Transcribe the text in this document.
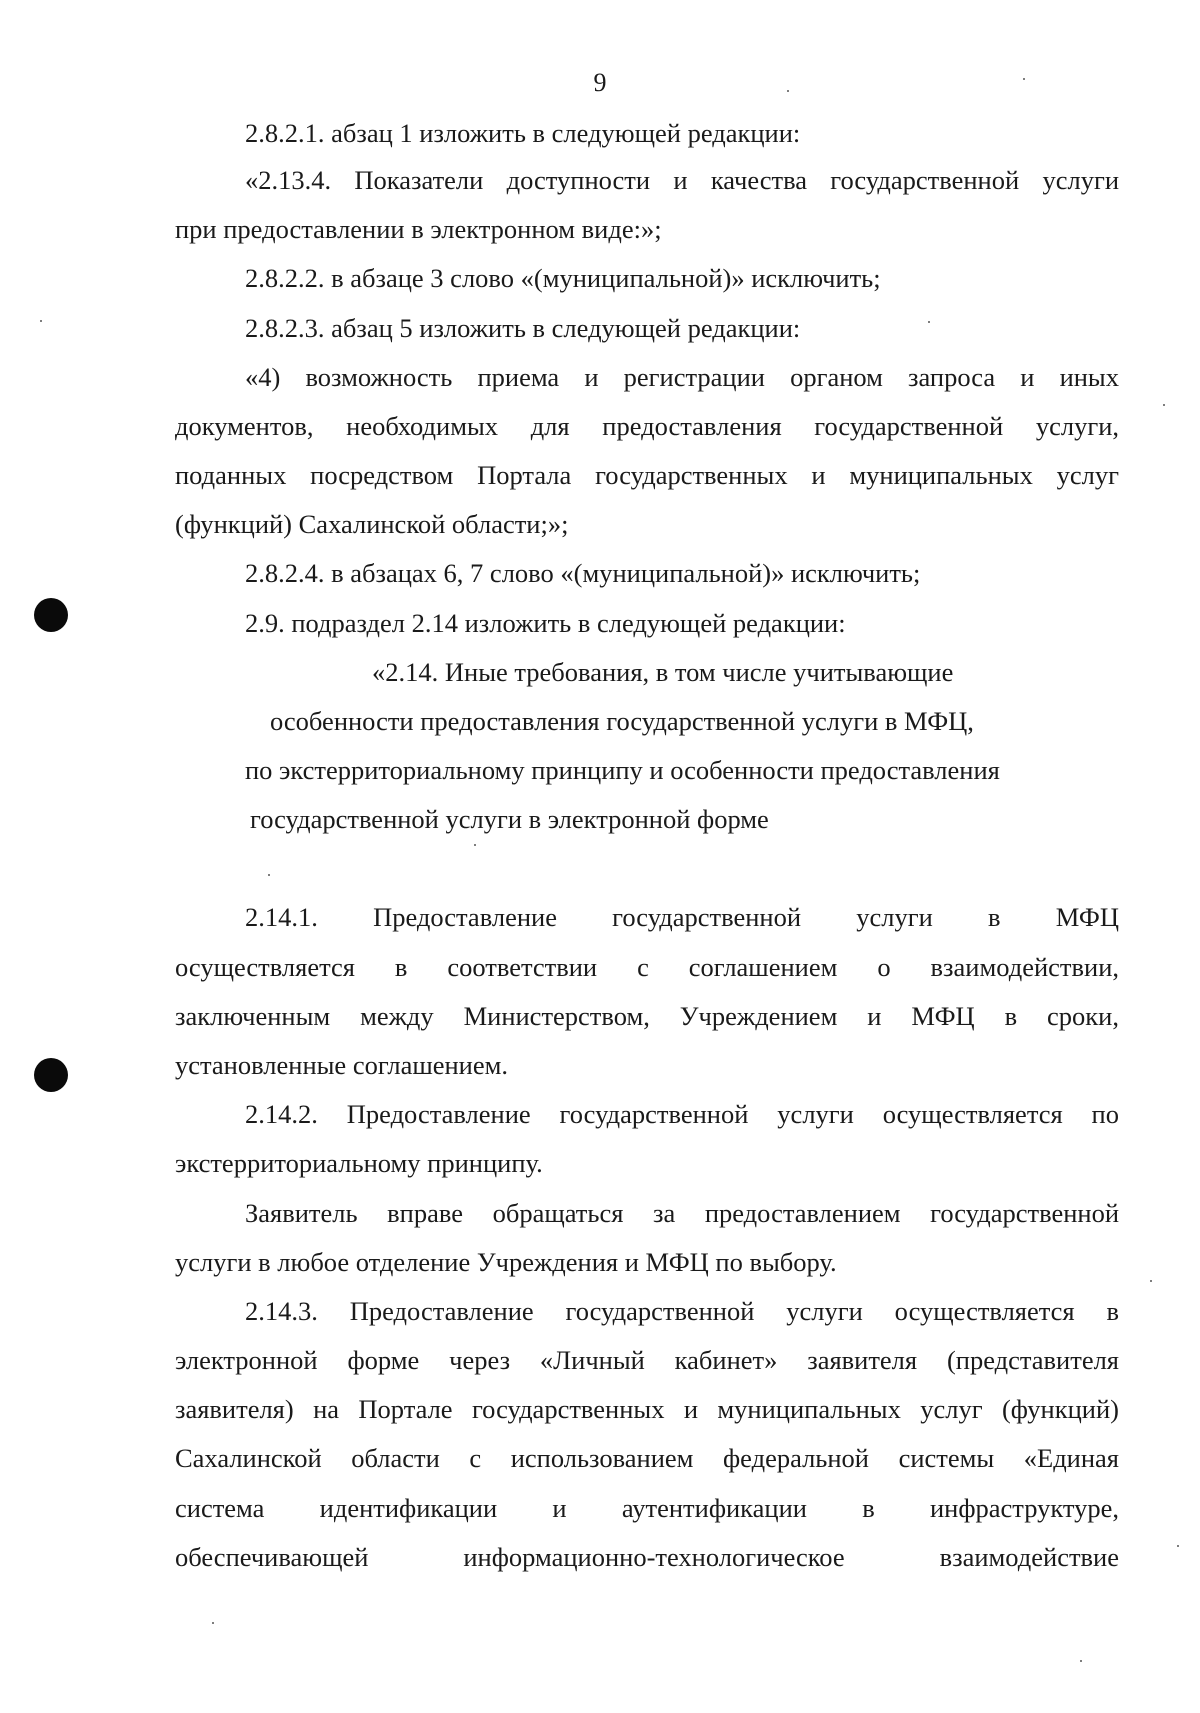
9
2.8.2.1. абзац 1 изложить в следующей редакции:
«2.13.4. Показатели доступности и качества государственной услуги
при предоставлении в электронном виде:»;
2.8.2.2. в абзаце 3 слово «(муниципальной)» исключить;
2.8.2.3. абзац 5 изложить в следующей редакции:
«4) возможность приема и регистрации органом запроса и иных
документов, необходимых для предоставления государственной услуги,
поданных посредством Портала государственных и муниципальных услуг
(функций) Сахалинской области;»;
2.8.2.4. в абзацах 6, 7 слово «(муниципальной)» исключить;
2.9. подраздел 2.14 изложить в следующей редакции:
«2.14. Иные требования, в том числе учитывающие
особенности предоставления государственной услуги в МФЦ,
по экстерриториальному принципу и особенности предоставления
государственной услуги в электронной форме
2.14.1. Предоставление государственной услуги в МФЦ
осуществляется в соответствии с соглашением о взаимодействии,
заключенным между Министерством, Учреждением и МФЦ в сроки,
установленные соглашением.
2.14.2. Предоставление государственной услуги осуществляется по
экстерриториальному принципу.
Заявитель вправе обращаться за предоставлением государственной
услуги в любое отделение Учреждения и МФЦ по выбору.
2.14.3. Предоставление государственной услуги осуществляется в
электронной форме через «Личный кабинет» заявителя (представителя
заявителя) на Портале государственных и муниципальных услуг (функций)
Сахалинской области с использованием федеральной системы «Единая
система идентификации и аутентификации в инфраструктуре,
обеспечивающей информационно-технологическое взаимодействие
